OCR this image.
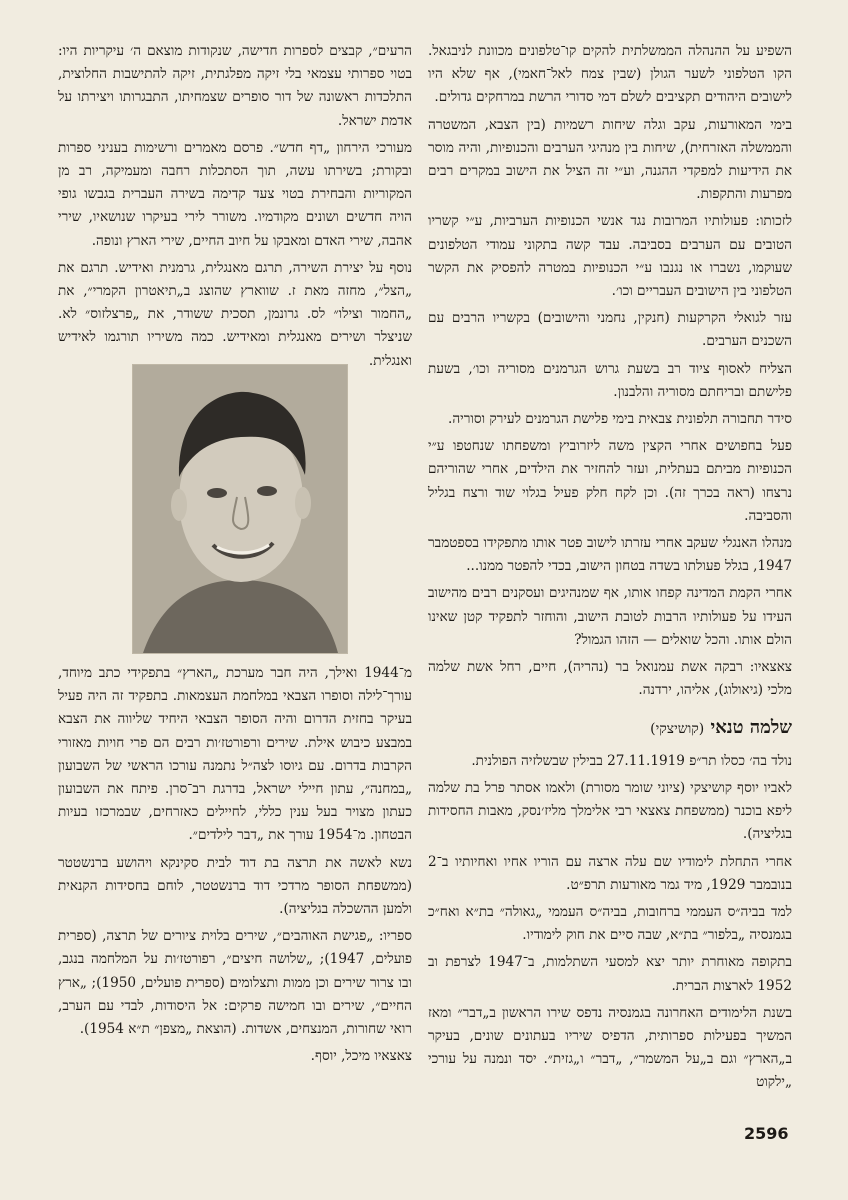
השפיע על ההנהלה הממשלתית להקים קו־טלפונים מכוונת לניבגאל. הקו הטלפוני לשער הגולן (שבין צמח לאל־חאמי), אף שלא היו לישובים היהודים תקציבים לשלם דמי סדורי הרשת במרחקים גדולים.

בימי המאורעות, עקב וגלה שיחות רשמיות (בין הצבא, המשטרה והממשלה האזרחית), שיחות בין מנהיגי הערבים והכנופיות, והיה מוסר את הידיעות למפקדי ההגנה, וע״י זה הציל את הישוב במקרים רבים מפרעות והתקפות.

לזכותו: פעולותיו המרובות נגד אנשי הכנופיות הערביות, ע״י קשריו הטובים עם הערבים בסביבה. עבד קשה בתקוני עמודי הטלפונים שעוקמו, נשברו או נגנבו ע״י הכנופיות במטרה להפסיק את הקשר הטלפוני בין הישובים העבריים וכו׳.

עזר לגואלי הקרקעות (חנקין, נחמני והישובים) בקשריו הרבים עם השכנים הערבים.

הצליח לאסוף ציוד רב בשעת גרוש הגרמנים מסוריה וכו׳, בשעת פלישתם ובריחתם מסוריה והלבנון.

סידר תחבורה תלפונית צבאית בימי פלישת הגרמנים לעירק וסוריה.

פעל בחפושים אחרי הקצין משה ליזרוביץ ומשפחתו שנחטפו ע״י הכנופיות מביתם בעתלית, ועזר להחזיר את הילדים, אחרי שהוריהם נרצחו (ראה בכרך זה). וכן לקח חלק פעיל בגלוי שוד ורצח בגליל והסביבה.

מנהלו האנגלי שעקב אחרי עזרתו לישוב פטר אותו מתפקידו בספטמבר 1947, בגלל פעולתו בשדה בטחון הישוב, בכדי להפטר ממנו...

אחרי הקמת המדינה קפחו אותו, אף שמנהיגים ועסקנים רבים מהישוב העידו על פעולותיו הרבות לטובת הישוב, והוחזר לתפקיד קטן שאינו הולם אותו. והכל שואלים — הזהו הגמול?

צאצאיו: רבקה אשת עמנואל בר (נהריה), חיים, רחל אשת שלמה מלכי (גיאולוג), אליהו, ירדנה.

שלמה טנאי (קושיצקי)

נולד בה׳ כסלו תר״פ 27.11.1919 בבילין שבשלזיה הפולנית.

לאביו יוסף קושיצקי (ציוני שומר מסורת) ולאמו אסתר פרל בת שלמה ליפא בוכנר (ממשפחת צאצאי רבי אלימלך מליז׳נסק, מאבות החסידות בגליציה).

אחרי התחלת לימודיו שם עלה ארצה עם הוריו אחיו ואחיותיו ב־2 בנובמבר 1929, מיד גמר מאורעות תרפ״ט.

למד בביה״ס העממי ברחובות, בביה״ס העממי „גאולה״ בת״א ואח״כ בגמנסיה „בלפור״ בת״א, שבה סיים את חוק לימודיו.

בתקופה מאוחרת יותר יצא למסעי השתלמות, ב־1947 לצרפת וב 1952 לארצות הברית.

בשנת הלימודים האחרונה בגמנסיה נדפס שירו הראשון ב„דבר״ ומאז המשיך בפעילות ספרותית, הדפיס שיריו בעתונים שונים, בעיקר ב„הארץ״ וגם ב„על המשמר״, „דבר״ ו„גזית״. יסד ונמנה על עורכי „ילקוט

הרעים״, קבצים לספרות חדישה, שנקודות מוצאם ה׳ עיקריות היו: בטוי ספרותי עצמאי בלי זיקה מפלגתית, זיקה להתישבות החלוצית, התלכדות ראשונה של דור סופרים שצמחיתו, התבגרותו ויצירתו על אדמת ישראל.

מעורכי הירחון „דף חדש״. פרסם מאמרים ורשימות בעניני ספרות ובקורת; בשירתו עשה, תוך הסתכלות רחבה ומעמיקה, רב מן המקוריות והבחירת בטוי צעד קדימה בשירה העברית בגבשו גופי הויה חדשים ושונים מקודמיו. משורר לירי בעיקרו שנושאיו, שירי אהבה, שירי האדם ומאבקו על חיוב החיים, שירי הארץ ונופה.

נוסף על יצירת השירה, תרגם מאנגלית, גרמנית ואידיש. תרגם את „הצל״, מחזה מאת ז. שווארץ שהוצג ב„תיאטרון הקמרי״, את „החמור וצילו״ לס. גרונמן, תסכית ששודר, את „פרצלזוס״ לא. שניצלר ושירים מאנגלית ומאידיש. כמה משיריו תורגמו לאידיש ואנגלית.

מ־1944 ואילך, היה חבר מערכת „הארץ״ בתפקידי כתב מיוחד, עורך־לילה וסופרו הצבאי במלחמת העצמאות. בתפקיד זה היה פעיל בעיקר בחזית הדרום והיה הסופר הצבאי היחיד שליווה את הצבא במבצע כיבוש אילת. שירים ורפורטז׳ות רבים הם פרי חויות מאזורי הקרבות בדרום. עם גיוסו לצה״ל נתמנה עורכו הראשי של השבועון „במחנה״, עתון חיילי ישראל, בדרגת רב־סרן. פיתח את השבועון כעתון מצויר בעל ענין כללי, לחיילים כאזרחים, שבמרכזו בעיות הבטחון. מ־1954 עורך את „דבר לילדים״.

נשא לאשה את תרצה בת דוד לבית סקינקא ויהושע ברנשטטר (ממשפחת הסופר מרדכי דוד ברנשטטר, לוחם בחסידות הקנאית ולמען ההשכלה בגליציה).

ספריו: „פגישת האוהבים״, שירים בלוית ציורים של תרצה, (ספרית פועלים, 1947); „שלושה חיצים״, רפורטז׳ות על המלחמה בנגב, ובו צרור שירים וכן ממות ותצלומים (ספרית פועלים, 1950); „ארץ החיים״, שירים ובו חמישה פרקים: אל היסודות, לבדי עם הערב, רואי שחורות, המנצחים, אשדות. (הוצאת „מצפן״ ת״א 1954).

צאצאיו מיכל, יוסף.

2596
